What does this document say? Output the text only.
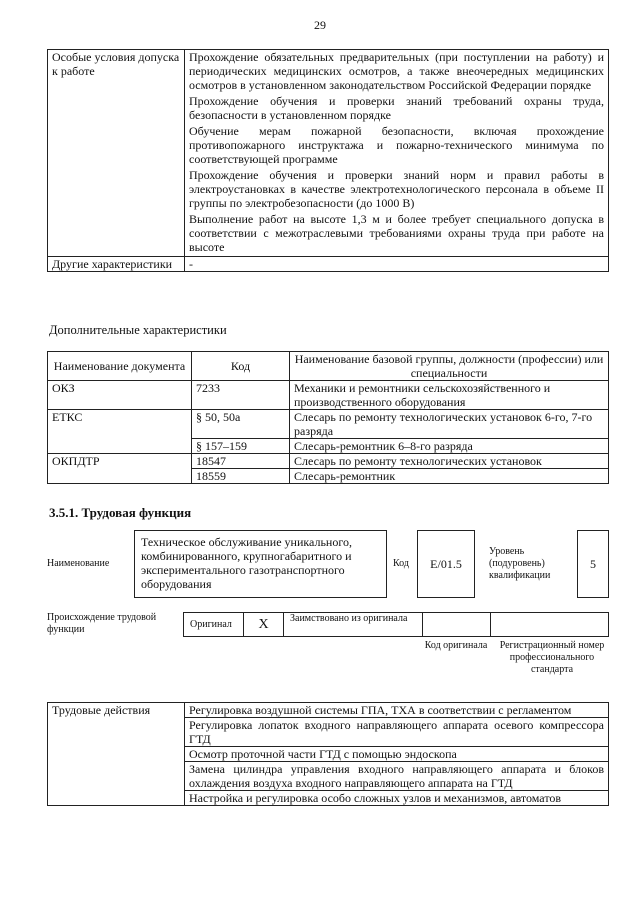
29
Особые условия допуска к работе	Прохождение обязательных предварительных (при поступлении на работу) и периодических медицинских осмотров, а также внеочередных медицинских осмотров в установленном законодательством Российской Федерации порядке
Прохождение обучения и проверки знаний требований охраны труда, безопасности в установленном порядке
Обучение мерам пожарной безопасности, включая прохождение противопожарного инструктажа и пожарно-технического минимума по соответствующей программе
Прохождение обучения и проверки знаний норм и правил работы в электроустановках в качестве электротехнологического персонала в объеме II группы по электробезопасности (до 1000 В)
Выполнение работ на высоте 1,3 м и более требует специального допуска в соответствии с межотраслевыми требованиями охраны труда при работе на высоте

Другие характеристики	-
Дополнительные характеристики
Наименование документа	Код	Наименование базовой группы, должности (профессии) или специальности
ОКЗ	7233	Механики и ремонтники сельскохозяйственного и производственного оборудования
ЕТКС	§ 50, 50а	Слесарь по ремонту технологических установок 6-го, 7-го разряда
	§ 157–159	Слесарь-ремонтник 6–8-го разряда
ОКПДТР	18547	Слесарь по ремонту технологических установок
	18559	Слесарь-ремонтник
3.5.1. Трудовая функция
Наименование
Техническое обслуживание уникального, комбинированного, крупногабаритного и экспериментального газотранспортного оборудования
Код	E/01.5
Уровень (подуровень) квалификации
5
Происхождение трудовой функции	Оригинал	X	Заимствовано из оригинала
Код оригинала	Регистрационный номер профессионального стандарта
Трудовые действия	Регулировка воздушной системы ГПА, ТХА в соответствии с регламентом
Регулировка лопаток входного направляющего аппарата осевого компрессора ГТД
Осмотр проточной части ГТД с помощью эндоскопа
Замена цилиндра управления входного направляющего аппарата и блоков охлаждения воздуха входного направляющего аппарата на ГТД
Настройка и регулировка особо сложных узлов и механизмов, автоматов
